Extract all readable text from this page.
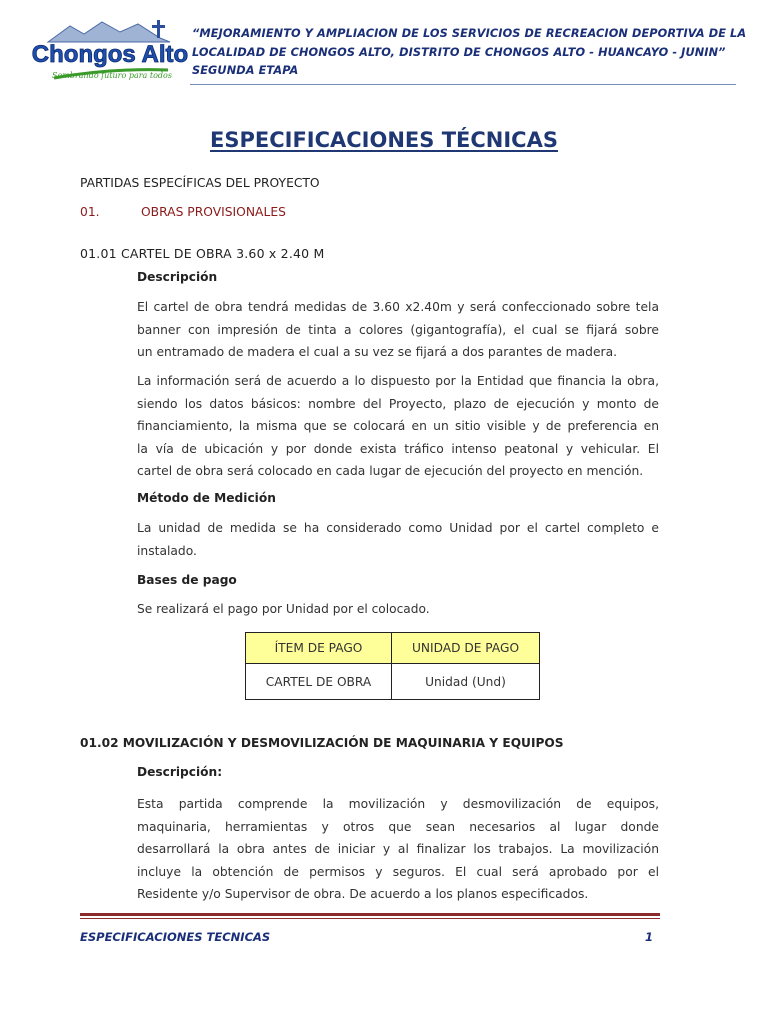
Chongos Alto
Sembrando futuro para todos
“MEJORAMIENTO Y AMPLIACION DE LOS SERVICIOS DE RECREACION DEPORTIVA DE LA
LOCALIDAD DE CHONGOS ALTO, DISTRITO DE CHONGOS ALTO - HUANCAYO - JUNIN”
SEGUNDA ETAPA
ESPECIFICACIONES TÉCNICAS
PARTIDAS ESPECÍFICAS DEL PROYECTO
01.	OBRAS PROVISIONALES
01.01 CARTEL DE OBRA 3.60 x 2.40 M
Descripción
El cartel de obra tendrá medidas de 3.60 x2.40m y será confeccionado sobre tela
banner con impresión de tinta a colores (gigantografía), el cual se fijará sobre
un entramado de madera el cual a su vez se fijará a dos parantes de madera.
La información será de acuerdo a lo dispuesto por la Entidad que financia la obra,
siendo los datos básicos: nombre del Proyecto, plazo de ejecución y monto de
financiamiento, la misma que se colocará en un sitio visible y de preferencia en
la vía de ubicación y por donde exista tráfico intenso peatonal y vehicular. El
cartel de obra será colocado en cada lugar de ejecución del proyecto en mención.
Método de Medición
La unidad de medida se ha considerado como Unidad por el cartel completo e
instalado.
Bases de pago
Se realizará el pago por Unidad por el colocado.
ÍTEM DE PAGO	UNIDAD DE PAGO
CARTEL DE OBRA	Unidad (Und)
01.02 MOVILIZACIÓN Y DESMOVILIZACIÓN DE MAQUINARIA Y EQUIPOS
Descripción:
Esta partida comprende la movilización y desmovilización de equipos,
maquinaria, herramientas y otros que sean necesarios al lugar donde
desarrollará la obra antes de iniciar y al finalizar los trabajos. La movilización
incluye la obtención de permisos y seguros. El cual será aprobado por el
Residente y/o Supervisor de obra. De acuerdo a los planos especificados.
ESPECIFICACIONES TECNICAS	1
